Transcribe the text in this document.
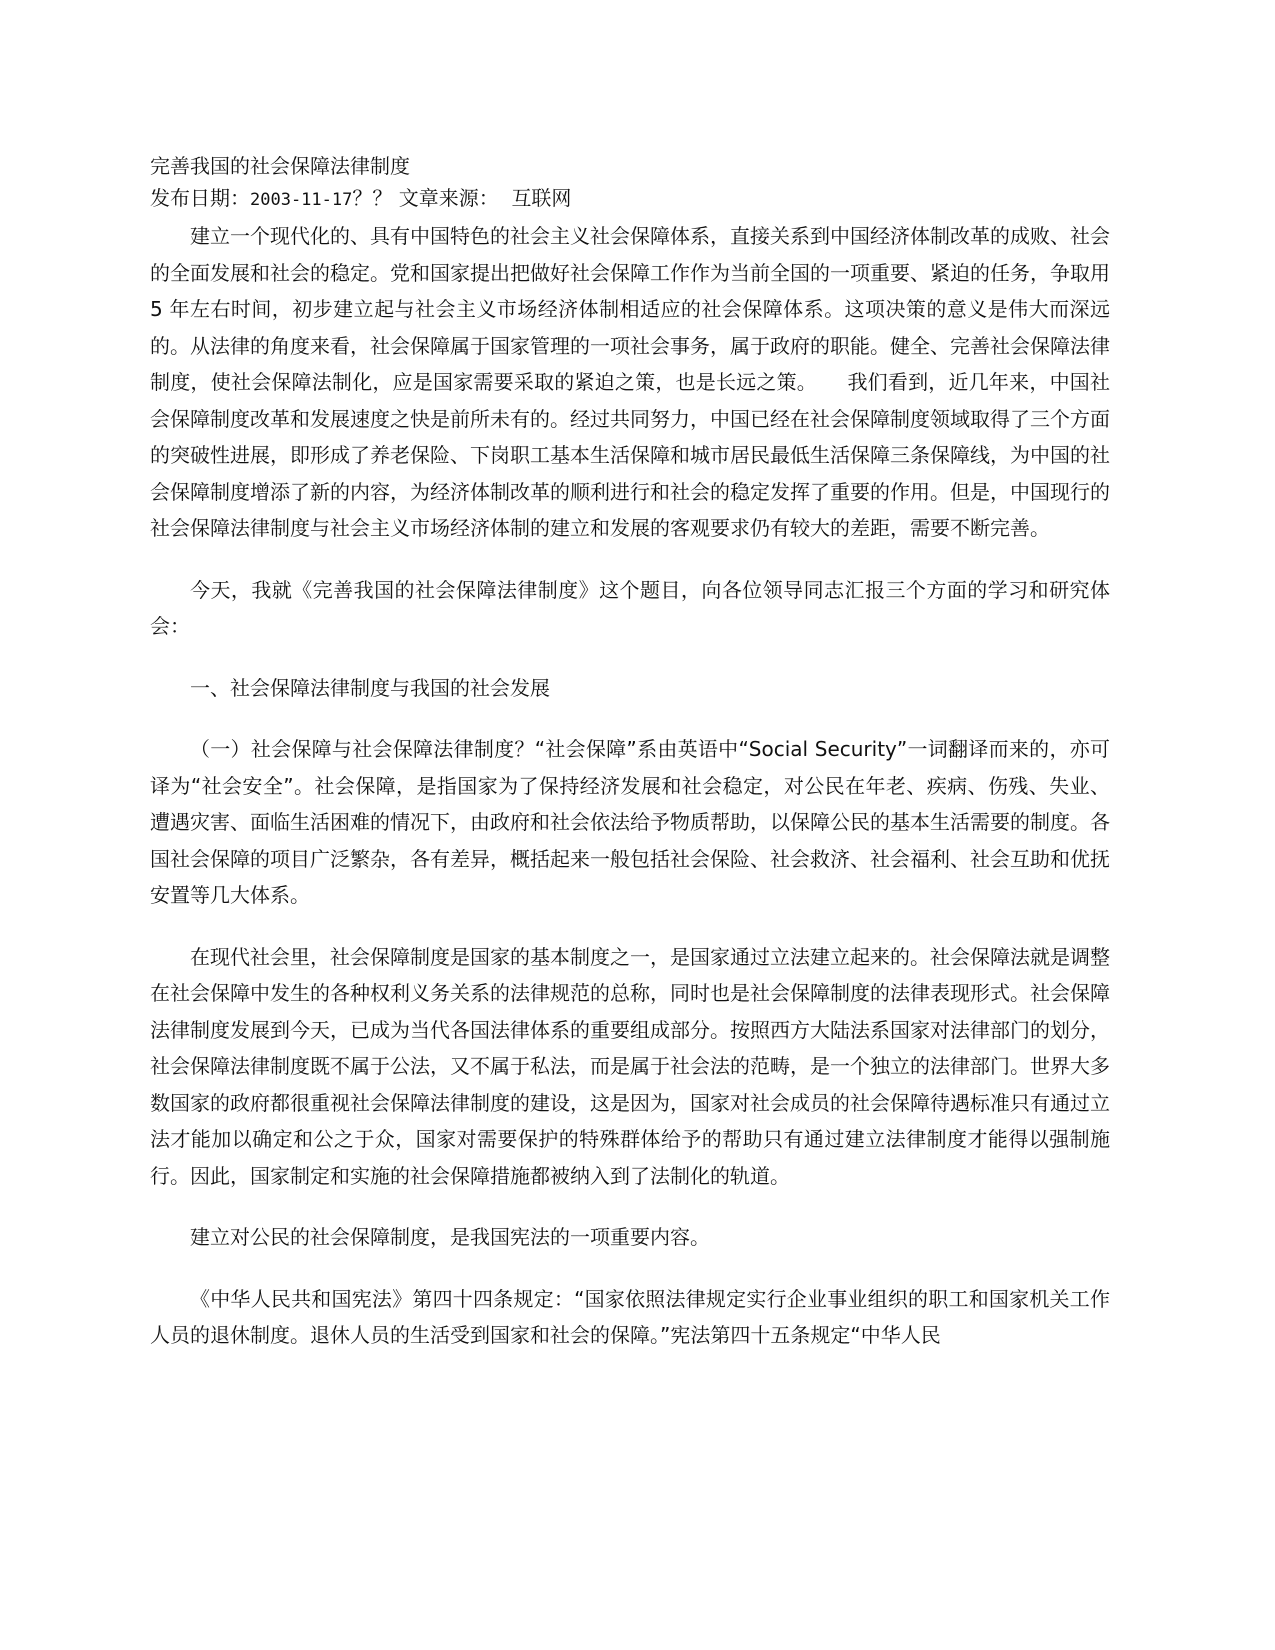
完善我国的社会保障法律制度

发布日期：2003-11-17？？ 文章来源： 互联网

建立一个现代化的、具有中国特色的社会主义社会保障体系，直接关系到中国经济体制改革的成败、社会的全面发展和社会的稳定。党和国家提出把做好社会保障工作作为当前全国的一项重要、紧迫的任务，争取用 5 年左右时间，初步建立起与社会主义市场经济体制相适应的社会保障体系。这项决策的意义是伟大而深远的。从法律的角度来看，社会保障属于国家管理的一项社会事务，属于政府的职能。健全、完善社会保障法律制度，使社会保障法制化，应是国家需要采取的紧迫之策，也是长远之策。　　我们看到，近几年来，中国社会保障制度改革和发展速度之快是前所未有的。经过共同努力，中国已经在社会保障制度领域取得了三个方面的突破性进展，即形成了养老保险、下岗职工基本生活保障和城市居民最低生活保障三条保障线，为中国的社会保障制度增添了新的内容，为经济体制改革的顺利进行和社会的稳定发挥了重要的作用。但是，中国现行的社会保障法律制度与社会主义市场经济体制的建立和发展的客观要求仍有较大的差距，需要不断完善。

今天，我就《完善我国的社会保障法律制度》这个题目，向各位领导同志汇报三个方面的学习和研究体会：

一、社会保障法律制度与我国的社会发展

（一）社会保障与社会保障法律制度？“社会保障”系由英语中“Social Security”一词翻译而来的，亦可译为“社会安全”。社会保障，是指国家为了保持经济发展和社会稳定，对公民在年老、疾病、伤残、失业、遭遇灾害、面临生活困难的情况下，由政府和社会依法给予物质帮助，以保障公民的基本生活需要的制度。各国社会保障的项目广泛繁杂，各有差异，概括起来一般包括社会保险、社会救济、社会福利、社会互助和优抚安置等几大体系。

在现代社会里，社会保障制度是国家的基本制度之一，是国家通过立法建立起来的。社会保障法就是调整在社会保障中发生的各种权利义务关系的法律规范的总称，同时也是社会保障制度的法律表现形式。社会保障法律制度发展到今天，已成为当代各国法律体系的重要组成部分。按照西方大陆法系国家对法律部门的划分，社会保障法律制度既不属于公法，又不属于私法，而是属于社会法的范畴，是一个独立的法律部门。世界大多数国家的政府都很重视社会保障法律制度的建设，这是因为，国家对社会成员的社会保障待遇标准只有通过立法才能加以确定和公之于众，国家对需要保护的特殊群体给予的帮助只有通过建立法律制度才能得以强制施行。因此，国家制定和实施的社会保障措施都被纳入到了法制化的轨道。

建立对公民的社会保障制度，是我国宪法的一项重要内容。

《中华人民共和国宪法》第四十四条规定：“国家依照法律规定实行企业事业组织的职工和国家机关工作人员的退休制度。退休人员的生活受到国家和社会的保障。”宪法第四十五条规定“中华人民
